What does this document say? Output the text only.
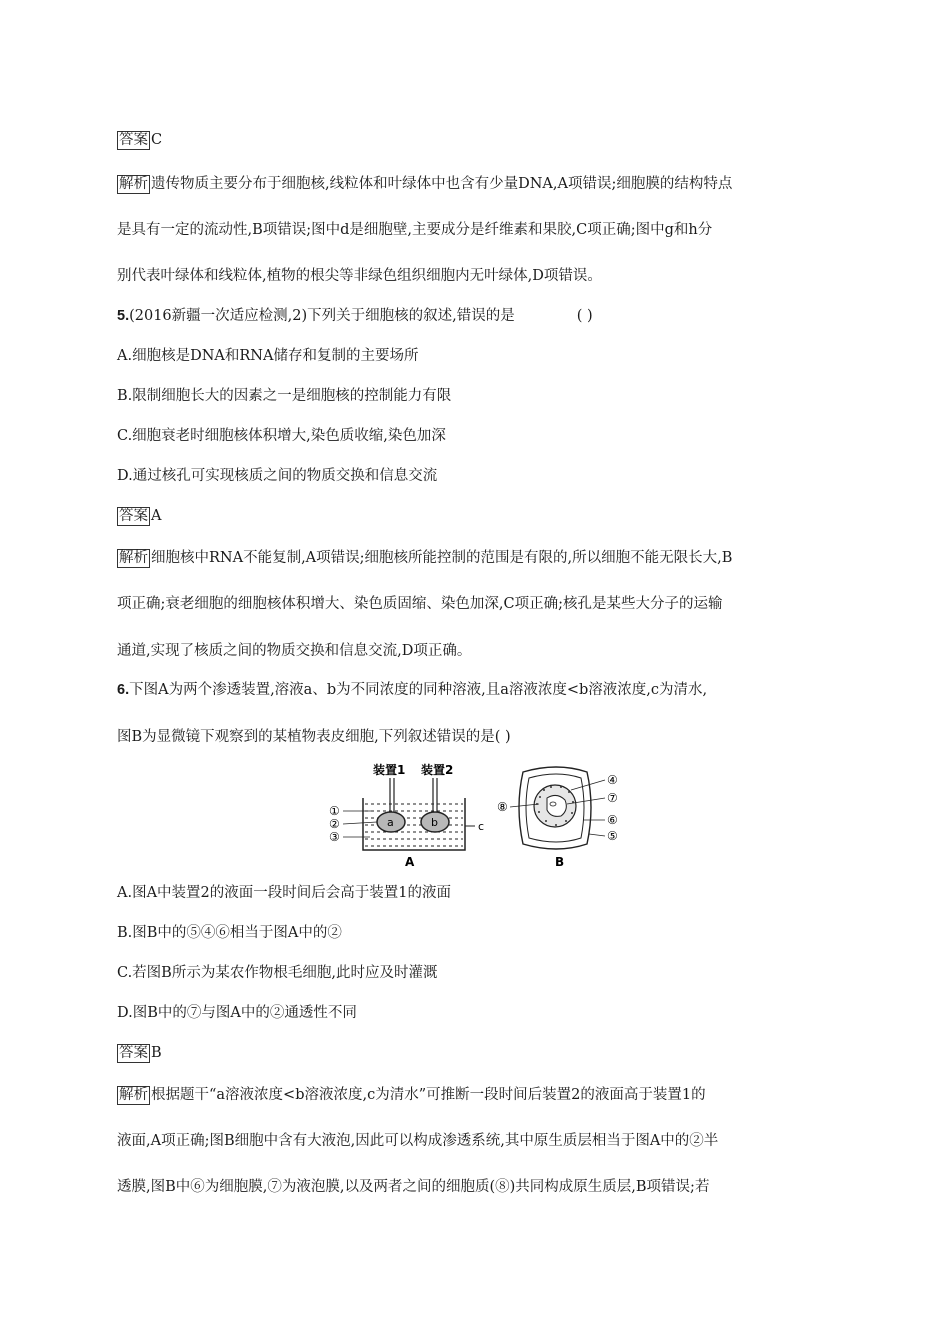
答案 C
解析 遗传物质主要分布于细胞核,线粒体和叶绿体中也含有少量DNA,A项错误;细胞膜的结构特点
是具有一定的流动性,B项错误;图中d是细胞壁,主要成分是纤维素和果胶,C项正确;图中g和h分
别代表叶绿体和线粒体,植物的根尖等非绿色组织细胞内无叶绿体,D项错误。
5.(2016新疆一次适应检测,2)下列关于细胞核的叙述,错误的是	( )
A.细胞核是DNA和RNA储存和复制的主要场所
B.限制细胞长大的因素之一是细胞核的控制能力有限
C.细胞衰老时细胞核体积增大,染色质收缩,染色加深
D.通过核孔可实现核质之间的物质交换和信息交流
答案 A
解析 细胞核中RNA不能复制,A项错误;细胞核所能控制的范围是有限的,所以细胞不能无限长大,B
项正确;衰老细胞的细胞核体积增大、染色质固缩、染色加深,C项正确;核孔是某些大分子的运输
通道,实现了核质之间的物质交换和信息交流,D项正确。
6.下图A为两个渗透装置,溶液a、b为不同浓度的同种溶液,且a溶液浓度<b溶液浓度,c为清水,
图B为显微镜下观察到的某植物表皮细胞,下列叙述错误的是( )
装置1 装置2
a	b	c
①
②
③
A
⑧
④
⑦
⑥
⑤
B
A.图A中装置2的液面一段时间后会高于装置1的液面
B.图B中的⑤④⑥相当于图A中的②
C.若图B所示为某农作物根毛细胞,此时应及时灌溉
D.图B中的⑦与图A中的②通透性不同
答案 B
解析 根据题干“a溶液浓度<b溶液浓度,c为清水”可推断一段时间后装置2的液面高于装置1的
液面,A项正确;图B细胞中含有大液泡,因此可以构成渗透系统,其中原生质层相当于图A中的②半
透膜,图B中⑥为细胞膜,⑦为液泡膜,以及两者之间的细胞质(⑧)共同构成原生质层,B项错误;若
